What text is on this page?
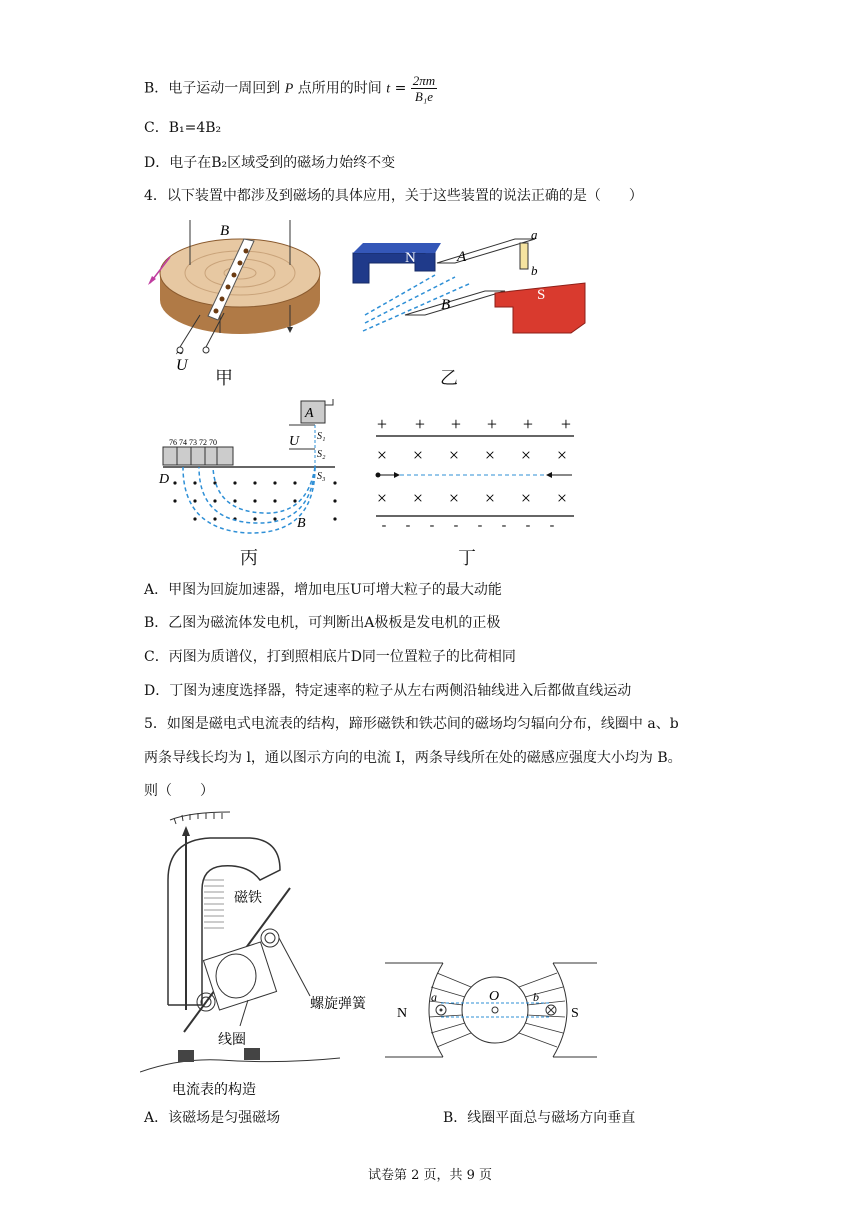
B．电子运动一周回到 P 点所用的时间 $t = \frac{2\pi m}{\text{B₁e}}$
C．B₁=4B₂
D．电子在B₂区域受到的磁场力始终不变
4．以下装置中都涉及到磁场的具体应用，关于这些装置的说法正确的是（　　）
B
U
~
甲
N	A
B
a
b
S
乙
76 74 73 72 70
A
U S₁
S₂
S₃
D
B
丙
+ + + + + +
× × × × × ×
× × × × × ×
- - - - - - - -
丁
A．甲图为回旋加速器，增加电压U可增大粒子的最大动能
B．乙图为磁流体发电机，可判断出A极板是发电机的正极
C．丙图为质谱仪，打到照相底片D同一位置粒子的比荷相同
D．丁图为速度选择器，特定速率的粒子从左右两侧沿轴线进入后都做直线运动
5．如图是磁电式电流表的结构，蹄形磁铁和铁芯间的磁场均匀辐向分布，线圈中 a、b
两条导线长均为 l，通以图示方向的电流 I，两条导线所在处的磁感应强度大小均为 B。
则（　　）
磁铁
螺旋弹簧
线圈
电流表的构造
N	S
O
a	b
A．该磁场是匀强磁场	B．线圈平面总与磁场方向垂直
试卷第 2 页，共 9 页
